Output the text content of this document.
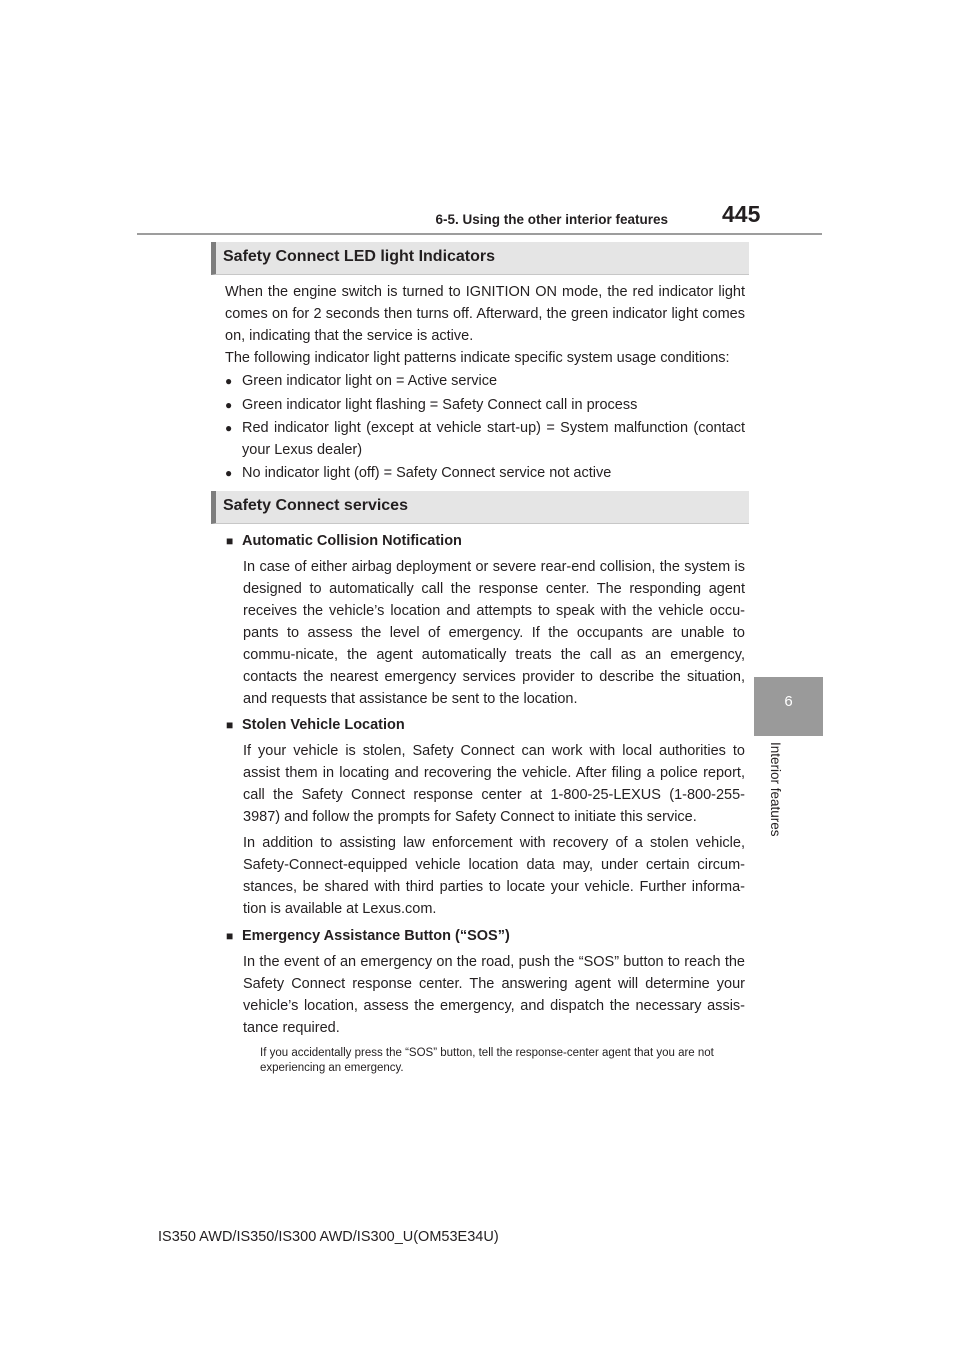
6-5. Using the other interior features 445
6
Interior features
Safety Connect LED light Indicators
When the engine switch is turned to IGNITION ON mode, the red indicator light comes on for 2 seconds then turns off. Afterward, the green indicator light comes on, indicating that the service is active.
The following indicator light patterns indicate specific system usage conditions:
● Green indicator light on = Active service
● Green indicator light flashing = Safety Connect call in process
● Red indicator light (except at vehicle start-up) = System malfunction (contact your Lexus dealer)
● No indicator light (off) = Safety Connect service not active
Safety Connect services
■ Automatic Collision Notification
In case of either airbag deployment or severe rear-end collision, the system is designed to automatically call the response center. The responding agent receives the vehicle’s location and attempts to speak with the vehicle occu-pants to assess the level of emergency. If the occupants are unable to commu-nicate, the agent automatically treats the call as an emergency, contacts the nearest emergency services provider to describe the situation, and requests that assistance be sent to the location.
■ Stolen Vehicle Location
If your vehicle is stolen, Safety Connect can work with local authorities to assist them in locating and recovering the vehicle. After filing a police report, call the Safety Connect response center at 1-800-25-LEXUS (1-800-255-3987) and follow the prompts for Safety Connect to initiate this service.
In addition to assisting law enforcement with recovery of a stolen vehicle, Safety-Connect-equipped vehicle location data may, under certain circum-stances, be shared with third parties to locate your vehicle. Further informa-tion is available at Lexus.com.
■ Emergency Assistance Button (“SOS”)
In the event of an emergency on the road, push the “SOS” button to reach the Safety Connect response center. The answering agent will determine your vehicle’s location, assess the emergency, and dispatch the necessary assis-tance required.
If you accidentally press the “SOS” button, tell the response-center agent that you are not experiencing an emergency.
IS350 AWD/IS350/IS300 AWD/IS300_U(OM53E34U)
